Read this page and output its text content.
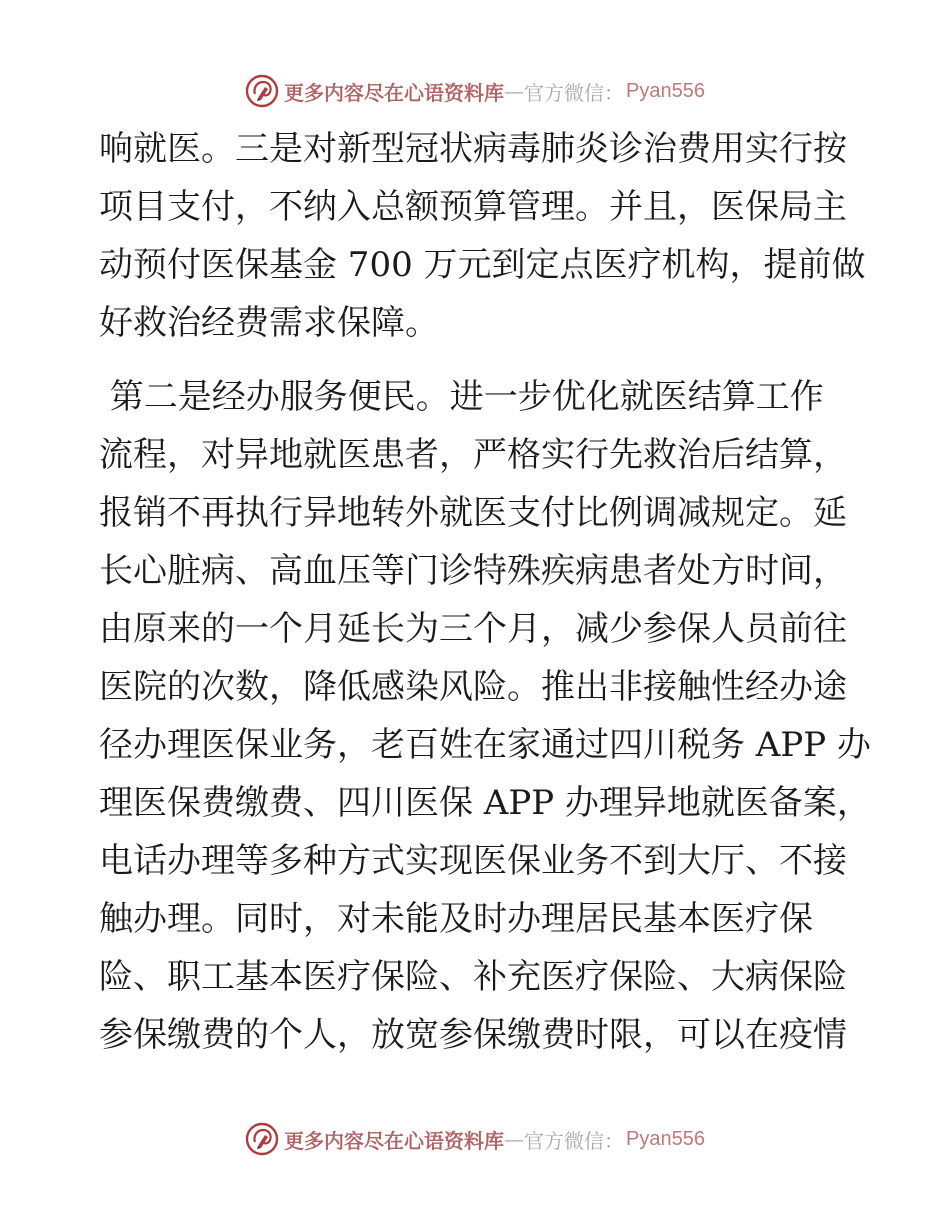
更多内容尽在心语资料库 — 官方微信： Pyan556
响就医。三是对新型冠状病毒肺炎诊治费用实行按
项目支付，不纳入总额预算管理。并且，医保局主
动预付医保基金 700 万元到定点医疗机构，提前做
好救治经费需求保障。
第二是经办服务便民。进一步优化就医结算工作
流程，对异地就医患者，严格实行先救治后结算，
报销不再执行异地转外就医支付比例调减规定。延
长心脏病、高血压等门诊特殊疾病患者处方时间，
由原来的一个月延长为三个月，减少参保人员前往
医院的次数，降低感染风险。推出非接触性经办途
径办理医保业务，老百姓在家通过四川税务 APP 办
理医保费缴费、四川医保 APP 办理异地就医备案，
电话办理等多种方式实现医保业务不到大厅、不接
触办理。同时，对未能及时办理居民基本医疗保
险、职工基本医疗保险、补充医疗保险、大病保险
参保缴费的个人，放宽参保缴费时限，可以在疫情
更多内容尽在心语资料库 — 官方微信： Pyan556
